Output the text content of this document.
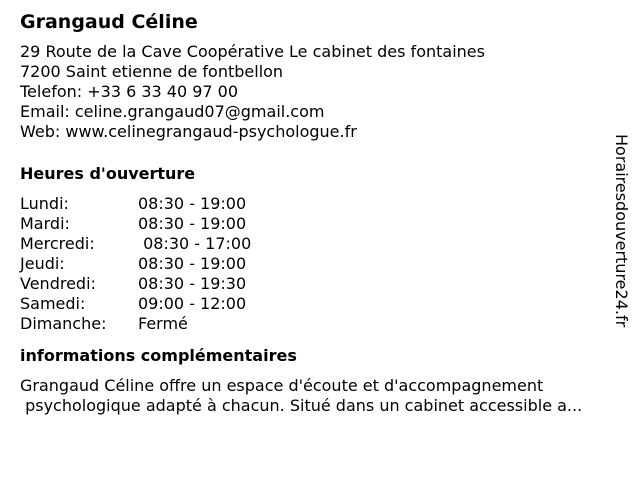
Grangaud Céline
29 Route de la Cave Coopérative Le cabinet des fontaines
7200 Saint etienne de fontbellon
Telefon: +33 6 33 40 97 00
Email: celine.grangaud07@gmail.com
Web: www.celinegrangaud-psychologue.fr
Heures d'ouverture
Lundi:	08:30 - 19:00
Mardi:	08:30 - 19:00
Mercredi:	08:30 - 17:00
Jeudi:	08:30 - 19:00
Vendredi:	08:30 - 19:30
Samedi:	09:00 - 12:00
Dimanche:	Fermé
informations complémentaires
Grangaud Céline offre un espace d'écoute et d'accompagnement
psychologique adapté à chacun. Situé dans un cabinet accessible a...
Horairesdouverture24.fr
